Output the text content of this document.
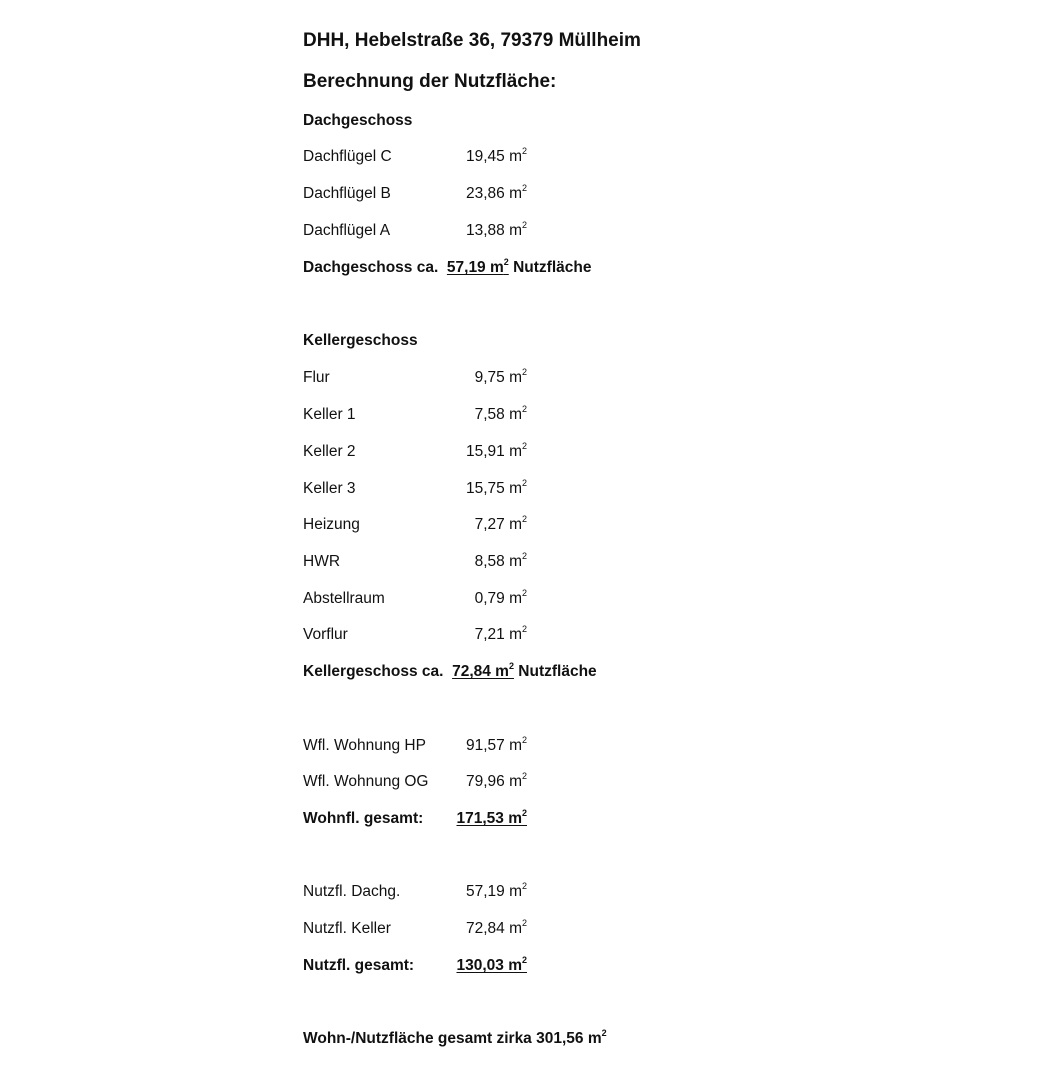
DHH, Hebelstraße 36, 79379 Müllheim
Berechnung der Nutzfläche:
Dachgeschoss
Dachflügel C	19,45 $m^2$
Dachflügel B	23,86 $m^2$
Dachflügel A	13,88 $m^2$
Dachgeschoss ca. 57,19 $m^2$ Nutzfläche
Kellergeschoss
Flur	9,75 $m^2$
Keller 1	7,58 $m^2$
Keller 2	15,91 $m^2$
Keller 3	15,75 $m^2$
Heizung	7,27 $m^2$
HWR	8,58 $m^2$
Abstellraum	0,79 $m^2$
Vorflur	7,21 $m^2$
Kellergeschoss ca. 72,84 $m^2$ Nutzfläche
Wfl. Wohnung HP	91,57 $m^2$
Wfl. Wohnung OG 79,96 $m^2$
Wohnfl. gesamt: 171,53 $m^2$
Nutzfl. Dachg.	57,19 $m^2$
Nutzfl. Keller	72,84 $m^2$
Nutzfl. gesamt:	130,03 $m^2$
Wohn-/Nutzfläche gesamt zirka 301,56 $m^2$
